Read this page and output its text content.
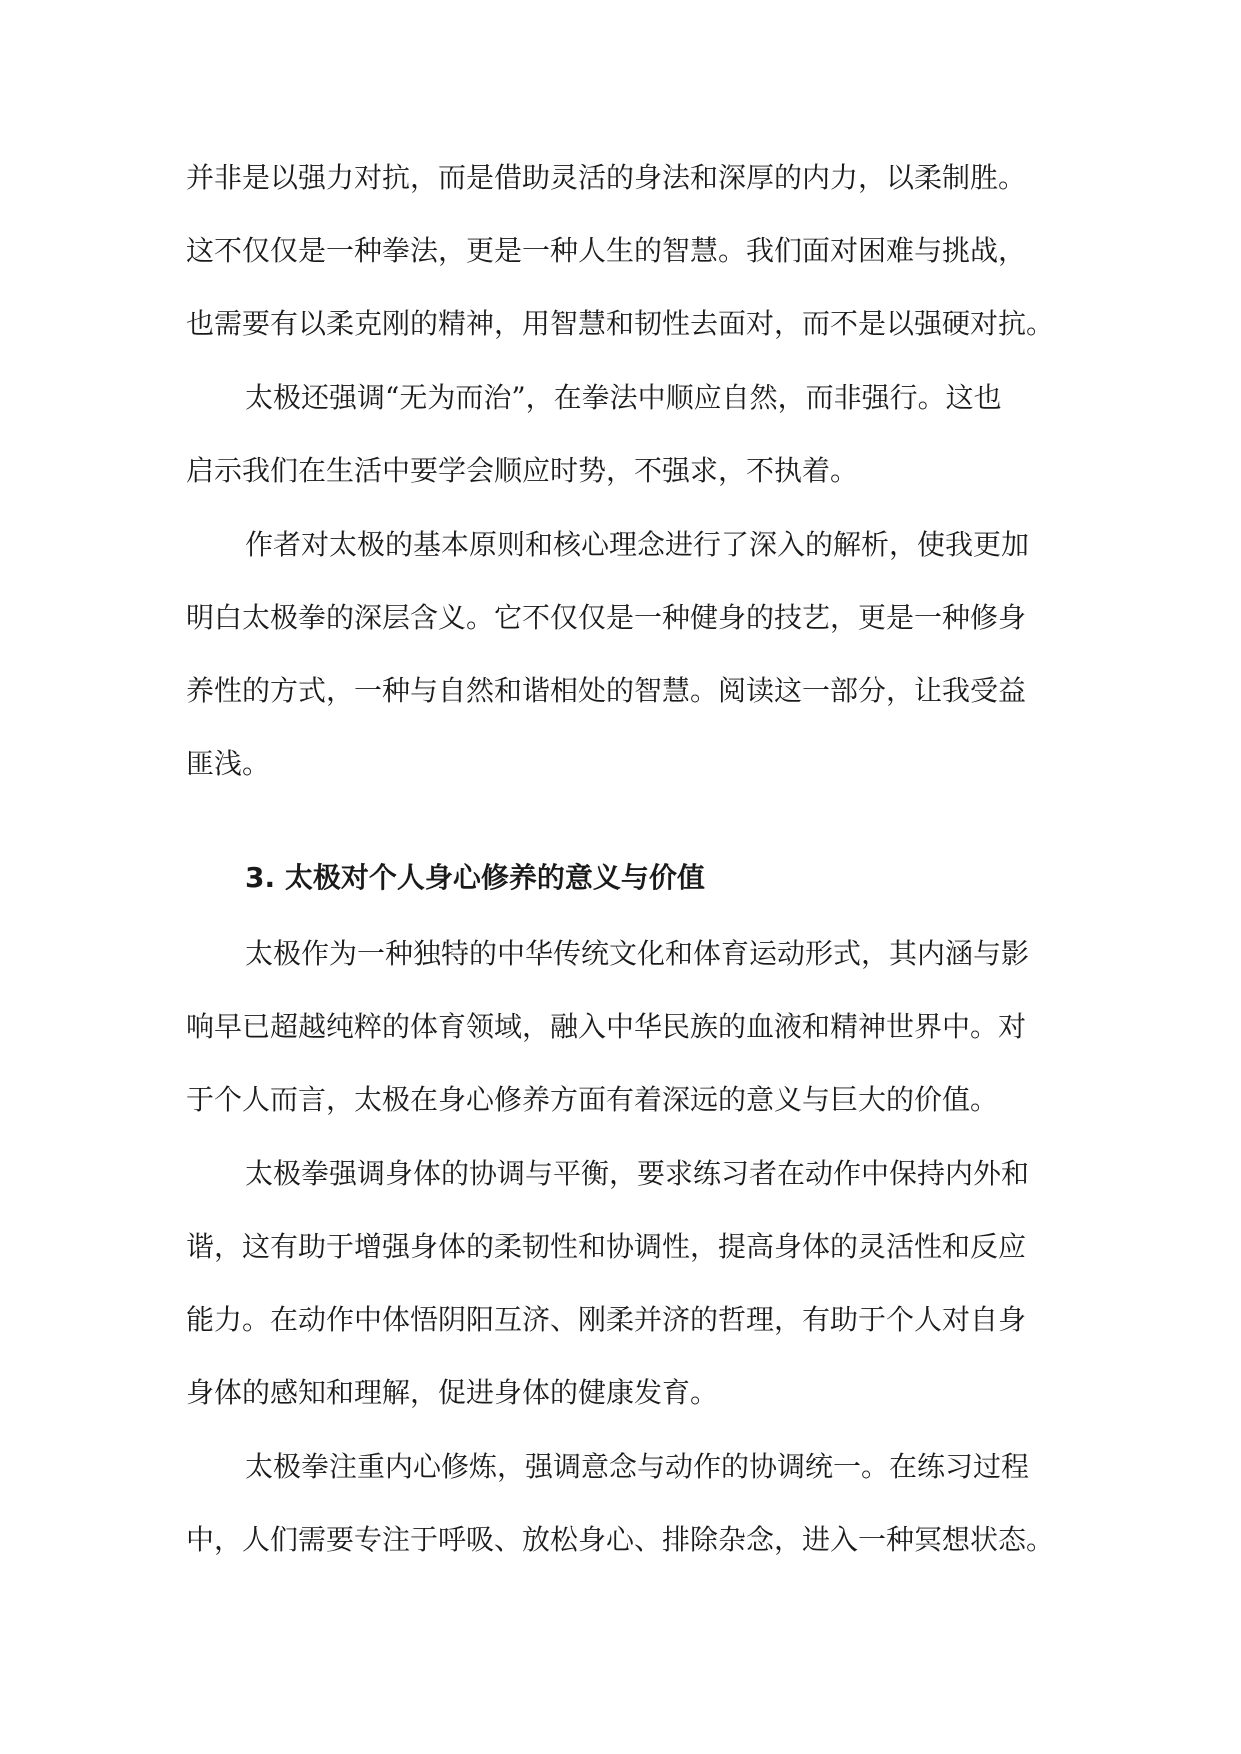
并非是以强力对抗，而是借助灵活的身法和深厚的内力，以柔制胜。
这不仅仅是一种拳法，更是一种人生的智慧。我们面对困难与挑战，
也需要有以柔克刚的精神，用智慧和韧性去面对，而不是以强硬对抗。
太极还强调“无为而治”，在拳法中顺应自然，而非强行。这也
启示我们在生活中要学会顺应时势，不强求，不执着。
作者对太极的基本原则和核心理念进行了深入的解析，使我更加
明白太极拳的深层含义。它不仅仅是一种健身的技艺，更是一种修身
养性的方式，一种与自然和谐相处的智慧。阅读这一部分，让我受益
匪浅。
3. 太极对个人身心修养的意义与价值
太极作为一种独特的中华传统文化和体育运动形式，其内涵与影
响早已超越纯粹的体育领域，融入中华民族的血液和精神世界中。对
于个人而言，太极在身心修养方面有着深远的意义与巨大的价值。
太极拳强调身体的协调与平衡，要求练习者在动作中保持内外和
谐，这有助于增强身体的柔韧性和协调性，提高身体的灵活性和反应
能力。在动作中体悟阴阳互济、刚柔并济的哲理，有助于个人对自身
身体的感知和理解，促进身体的健康发育。
太极拳注重内心修炼，强调意念与动作的协调统一。在练习过程
中，人们需要专注于呼吸、放松身心、排除杂念，进入一种冥想状态。
